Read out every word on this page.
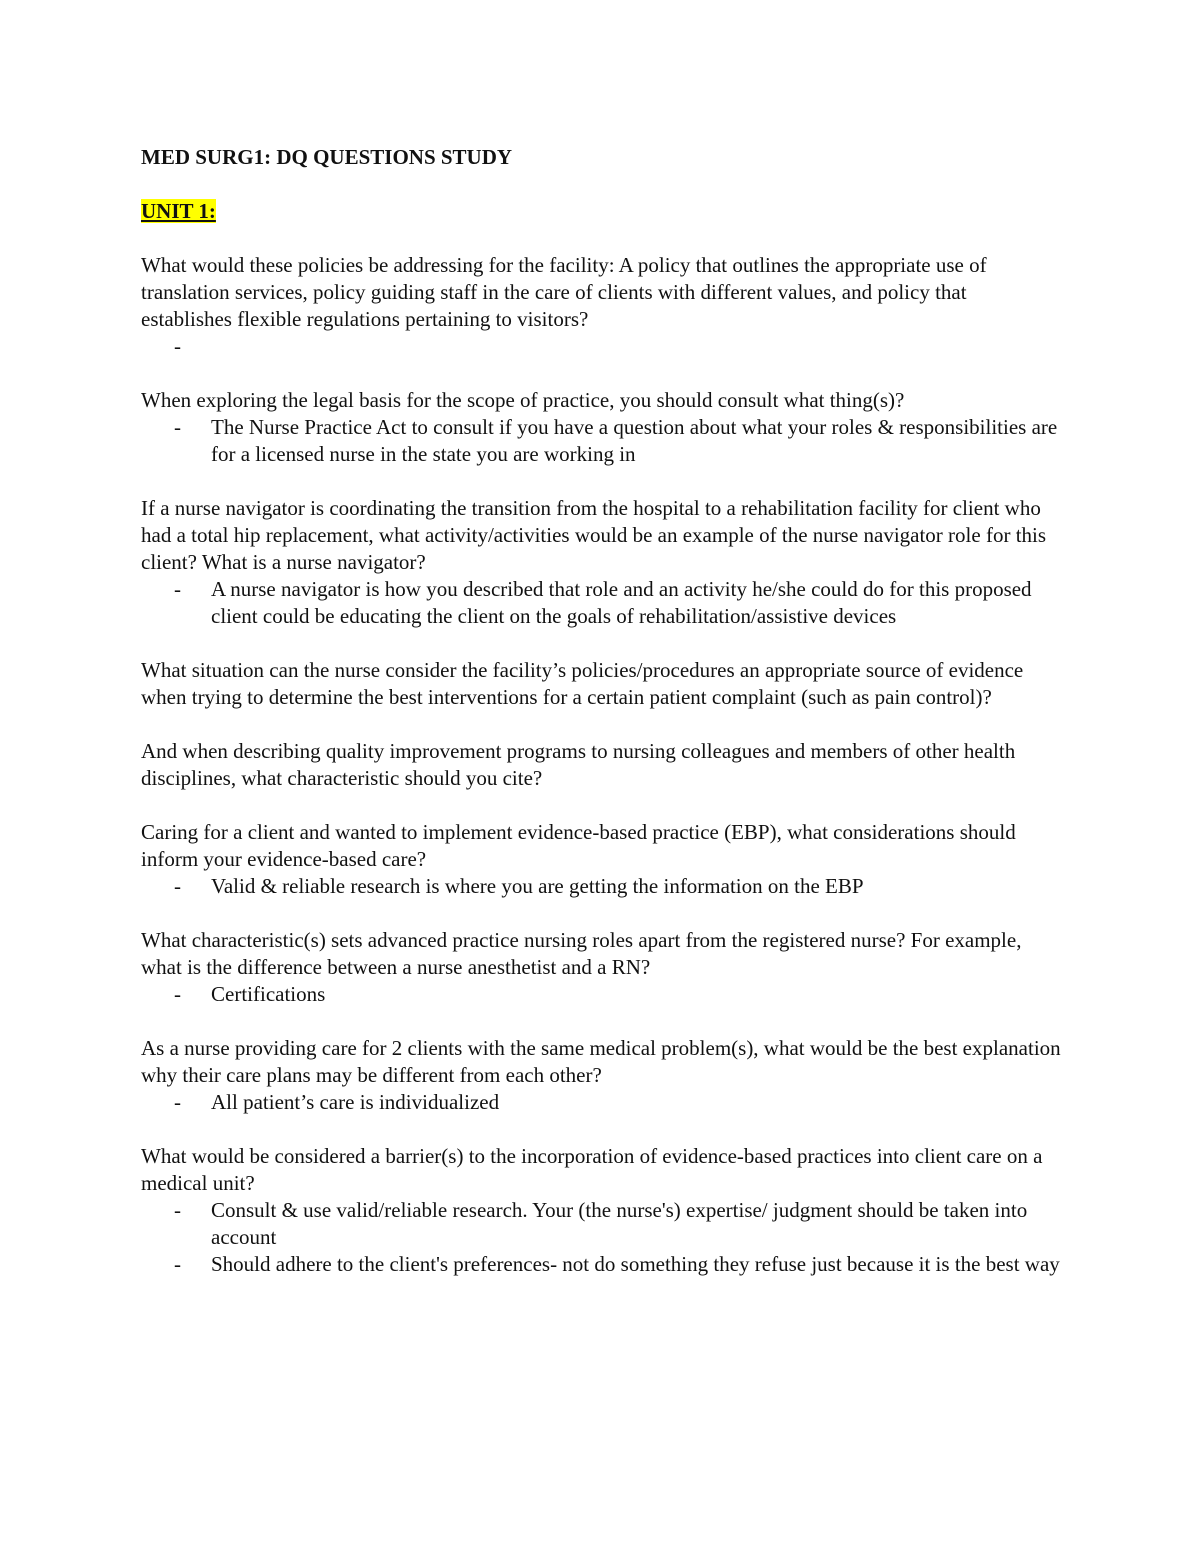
MED SURG1: DQ QUESTIONS STUDY

UNIT 1:

What would these policies be addressing for the facility: A policy that outlines the appropriate use of translation services, policy guiding staff in the care of clients with different values, and policy that establishes flexible regulations pertaining to visitors?

-

When exploring the legal basis for the scope of practice, you should consult what thing(s)?

-	The Nurse Practice Act to consult if you have a question about what your roles & responsibilities are for a licensed nurse in the state you are working in

If a nurse navigator is coordinating the transition from the hospital to a rehabilitation facility for client who had a total hip replacement, what activity/activities would be an example of the nurse navigator role for this client? What is a nurse navigator?

-	A nurse navigator is how you described that role and an activity he/she could do for this proposed client could be educating the client on the goals of rehabilitation/assistive devices

What situation can the nurse consider the facility’s policies/procedures an appropriate source of evidence when trying to determine the best interventions for a certain patient complaint (such as pain control)?

And when describing quality improvement programs to nursing colleagues and members of other health disciplines, what characteristic should you cite?

Caring for a client and wanted to implement evidence-based practice (EBP), what considerations should inform your evidence-based care?

-	Valid & reliable research is where you are getting the information on the EBP

What characteristic(s) sets advanced practice nursing roles apart from the registered nurse? For example, what is the difference between a nurse anesthetist and a RN?

-	Certifications

As a nurse providing care for 2 clients with the same medical problem(s), what would be the best explanation why their care plans may be different from each other?

-	All patient’s care is individualized

What would be considered a barrier(s) to the incorporation of evidence-based practices into client care on a medical unit?

-	Consult & use valid/reliable research. Your (the nurse's) expertise/ judgment should be taken into account
-	Should adhere to the client's preferences- not do something they refuse just because it is the best way
